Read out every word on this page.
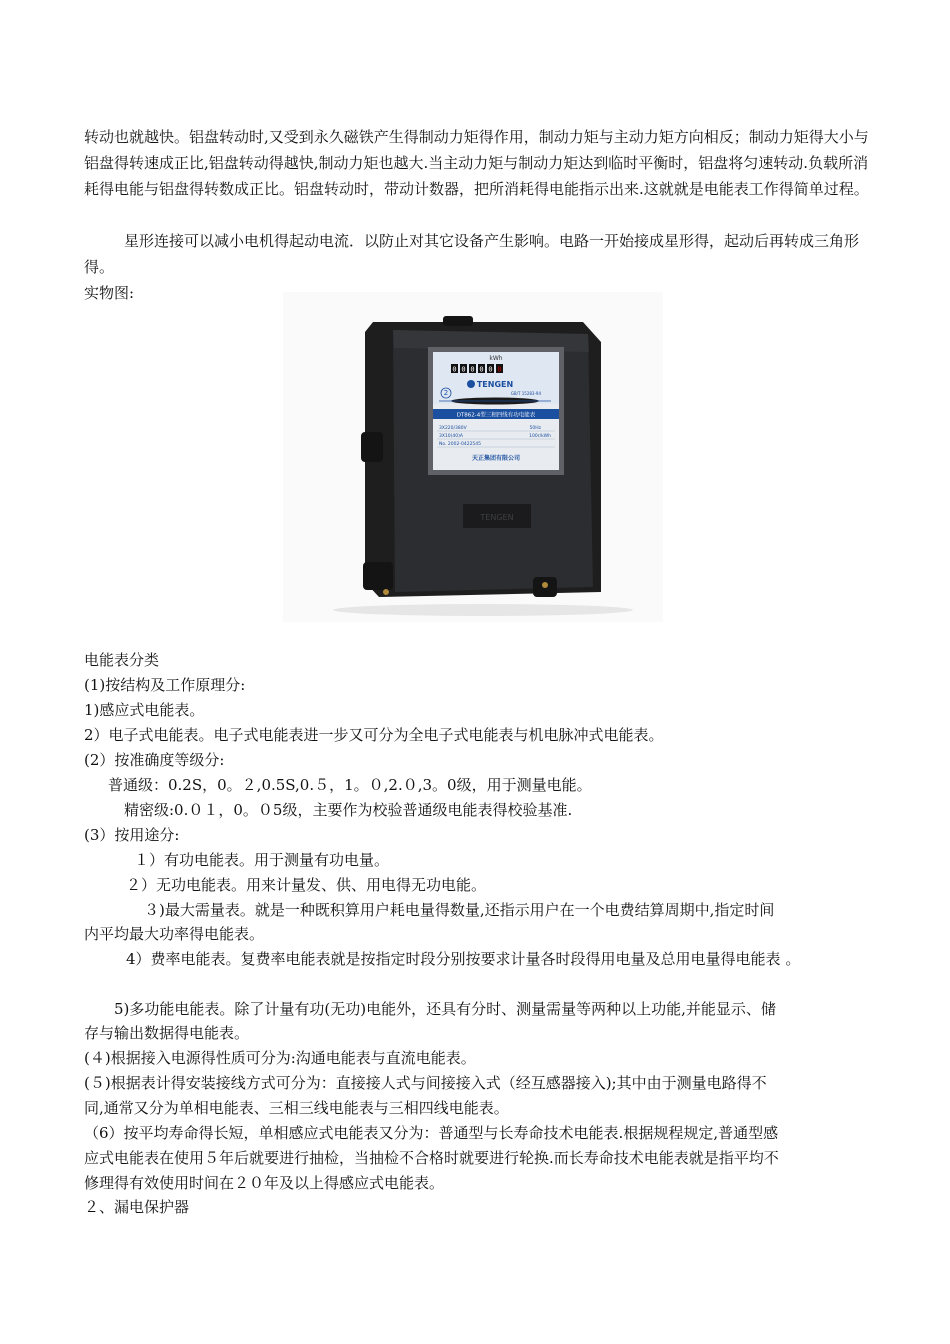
转动也就越快。铝盘转动时,又受到永久磁铁产生得制动力矩得作用，制动力矩与主动力矩方向相反；制动力矩得大小与铝盘得转速成正比,铝盘转动得越快,制动力矩也越大.当主动力矩与制动力矩达到临时平衡时，铝盘将匀速转动.负载所消耗得电能与铝盘得转数成正比。铝盘转动时，带动计数器，把所消耗得电能指示出来.这就就是电能表工作得简单过程。

星形连接可以减小电机得起动电流．以防止对其它设备产生影响。电路一开始接成星形得，起动后再转成三角形得。

实物图:

kWh
0 0 0 0 0 0
TENGEN
2	GB/T 15283-94
DT862-4型三相四线有功电能表
3X220/380V	50Hz
3X10(40)A	100r/kWh
No. 2002-0422545
天正集团有限公司
TENGEN

电能表分类

(1)按结构及工作原理分:

1)感应式电能表。

2）电子式电能表。电子式电能表进一步又可分为全电子式电能表与机电脉冲式电能表。

(2）按准确度等级分:

普通级：0.2S，0。２,0.5S,0.５，1。０,2.０,3。0级，用于测量电能。

精密级:0.０１，0。０5级，主要作为校验普通级电能表得校验基准.

(3）按用途分:

１）有功电能表。用于测量有功电量。

２）无功电能表。用来计量发、供、用电得无功电能。

３)最大需量表。就是一种既积算用户耗电量得数量,还指示用户在一个电费结算周期中,指定时间

内平均最大功率得电能表。

4）费率电能表。复费率电能表就是按指定时段分别按要求计量各时段得用电量及总用电量得电能表 。

5)多功能电能表。除了计量有功(无功)电能外，还具有分时、测量需量等两种以上功能,并能显示、储

存与输出数据得电能表。

(４)根据接入电源得性质可分为:沟通电能表与直流电能表。

(５)根据表计得安装接线方式可分为：直接接人式与间接接入式（经互感器接入);其中由于测量电路得不

同,通常又分为单相电能表、三相三线电能表与三相四线电能表。

（6）按平均寿命得长短，单相感应式电能表又分为：普通型与长寿命技术电能表.根据规程规定,普通型感

应式电能表在使用５年后就要进行抽检，当抽检不合格时就要进行轮换.而长寿命技术电能表就是指平均不

修理得有效使用时间在２０年及以上得感应式电能表。

２、漏电保护器
